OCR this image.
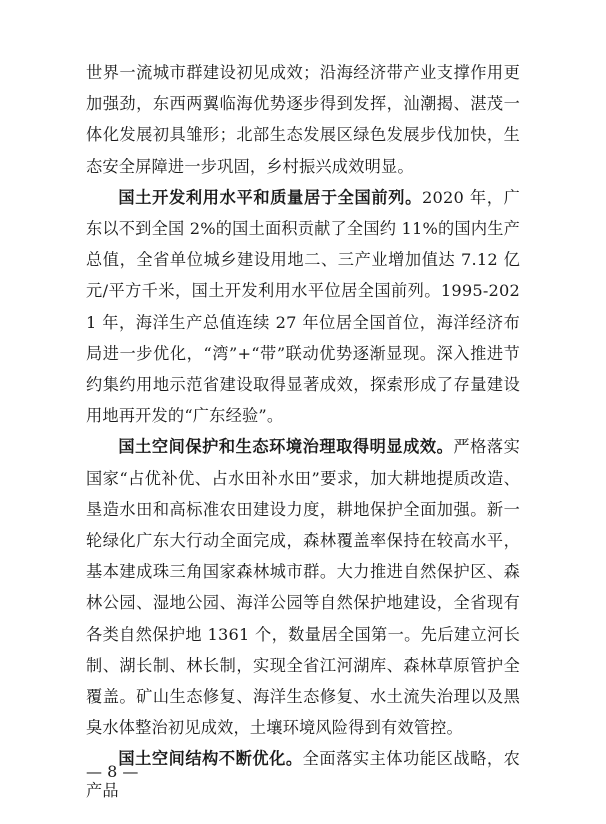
世界一流城市群建设初见成效；沿海经济带产业支撑作用更加强劲，东西两翼临海优势逐步得到发挥，汕潮揭、湛茂一体化发展初具雏形；北部生态发展区绿色发展步伐加快，生态安全屏障进一步巩固，乡村振兴成效明显。

国土开发利用水平和质量居于全国前列。2020 年，广东以不到全国 2%的国土面积贡献了全国约 11%的国内生产总值，全省单位城乡建设用地二、三产业增加值达 7.12 亿元/平方千米，国土开发利用水平位居全国前列。1995-2021 年，海洋生产总值连续 27 年位居全国首位，海洋经济布局进一步优化，“湾”+“带”联动优势逐渐显现。深入推进节约集约用地示范省建设取得显著成效，探索形成了存量建设用地再开发的“广东经验”。

国土空间保护和生态环境治理取得明显成效。严格落实国家“占优补优、占水田补水田”要求，加大耕地提质改造、垦造水田和高标准农田建设力度，耕地保护全面加强。新一轮绿化广东大行动全面完成，森林覆盖率保持在较高水平，基本建成珠三角国家森林城市群。大力推进自然保护区、森林公园、湿地公园、海洋公园等自然保护地建设，全省现有各类自然保护地 1361 个，数量居全国第一。先后建立河长制、湖长制、林长制，实现全省江河湖库、森林草原管护全覆盖。矿山生态修复、海洋生态修复、水土流失治理以及黑臭水体整治初见成效，土壤环境风险得到有效管控。

国土空间结构不断优化。全面落实主体功能区战略，农产品

— 8 —
